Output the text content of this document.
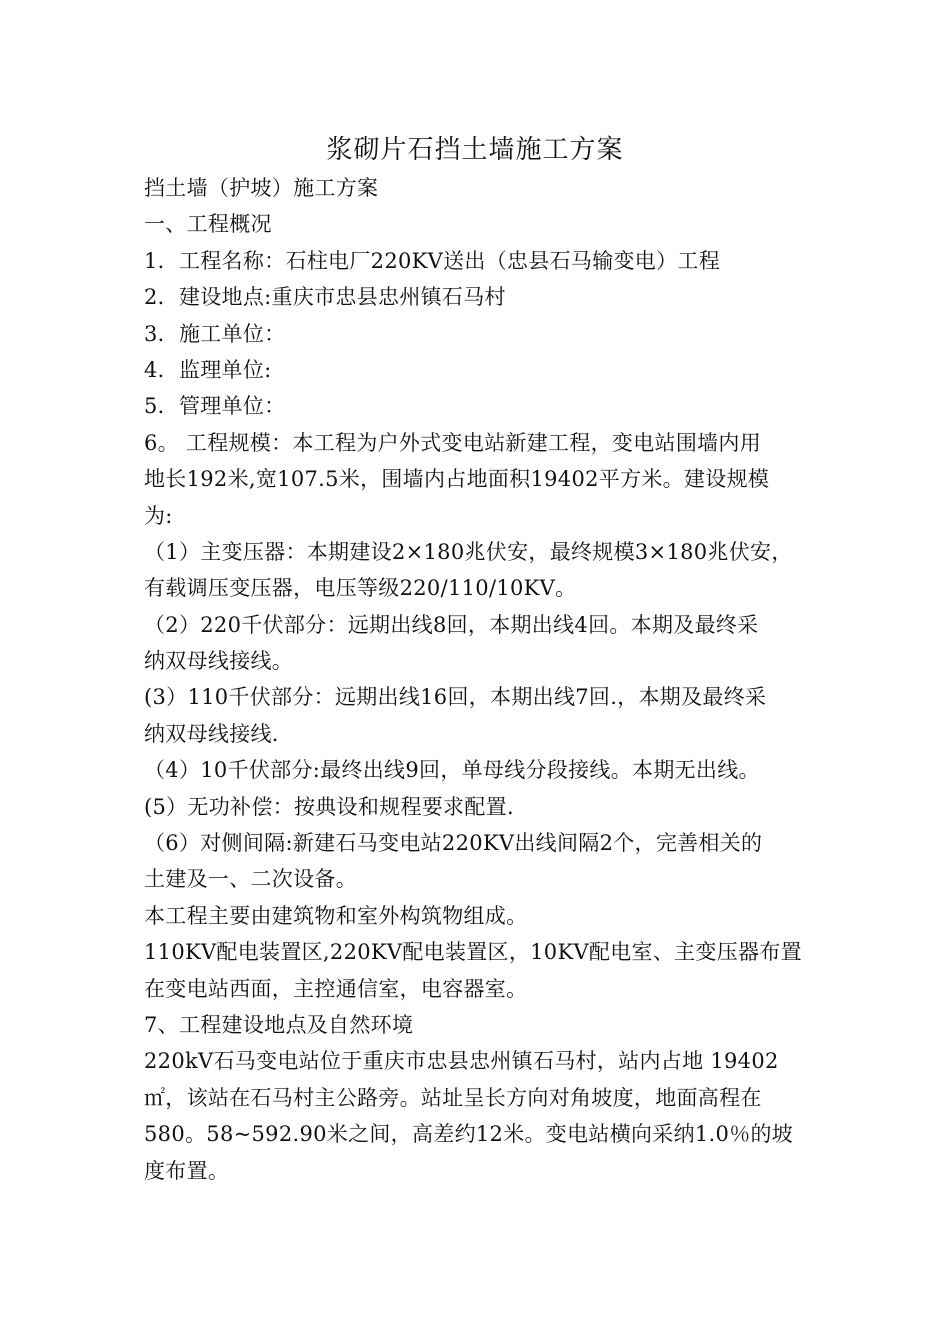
浆砌片石挡土墙施工方案
挡土墙（护坡）施工方案
一、工程概况
1．工程名称：石柱电厂220KV送出（忠县石马输变电）工程
2．建设地点:重庆市忠县忠州镇石马村
3．施工单位：
4．监理单位:
5．管理单位：
6。 工程规模：本工程为户外式变电站新建工程，变电站围墙内用
地长192米,宽107.5米，围墙内占地面积19402平方米。建设规模
为:
（1）主变压器：本期建设2×180兆伏安，最终规模3×180兆伏安，
有载调压变压器，电压等级220/110/10KV。
（2）220千伏部分：远期出线8回，本期出线4回。本期及最终采
纳双母线接线。
(3）110千伏部分：远期出线16回，本期出线7回.，本期及最终采
纳双母线接线.
（4）10千伏部分:最终出线9回，单母线分段接线。本期无出线。
(5）无功补偿：按典设和规程要求配置.
（6）对侧间隔:新建石马变电站220KV出线间隔2个，完善相关的
土建及一、二次设备。
本工程主要由建筑物和室外构筑物组成。
110KV配电装置区,220KV配电装置区，10KV配电室、主变压器布置
在变电站西面，主控通信室，电容器室。
7、工程建设地点及自然环境
220kV石马变电站位于重庆市忠县忠州镇石马村，站内占地 19402
㎡，该站在石马村主公路旁。站址呈长方向对角坡度，地面高程在
580。58~592.90米之间，高差约12米。变电站横向采纳1.0％的坡
度布置。
